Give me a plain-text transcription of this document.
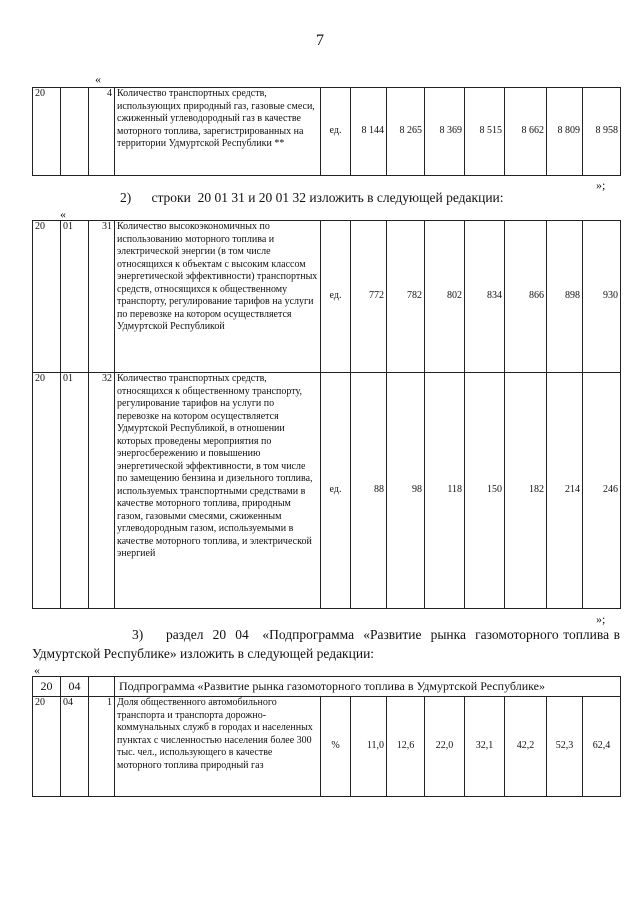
7
«
20		4	Количество транспортных средств, использующих природный газ, газовые смеси, сжиженный углеводородный газ в качестве моторного топлива, зарегистрированных на территории Удмуртской Республики **	ед.	8 144	8 265	8 369	8 515	8 662	8 809	8 958
»;
2)      строки  20 01 31 и 20 01 32 изложить в следующей редакции:
«
20	01	31	Количество высокоэкономичных по использованию моторного топлива и электрической энергии (в том числе относящихся к объектам с высоким классом энергетической эффективности) транспортных средств, относящихся к общественному транспорту, регулирование тарифов на услуги по перевозке на котором осуществляется Удмуртской Республикой	ед.	772	782	802	834	866	898	930
20	01	32	Количество транспортных средств, относящихся к общественному транспорту, регулирование тарифов на услуги по перевозке на котором осуществляется Удмуртской Республикой, в отношении которых проведены мероприятия по энергосбережению и повышению энергетической эффективности, в том числе по замещению бензина и дизельного топлива, используемых транспортными средствами в качестве моторного топлива, природным газом, газовыми смесями, сжиженным углеводородным газом, используемыми в качестве моторного топлива, и электрической энергией	ед.	88	98	118	150	182	214	246
»;
3)     раздел  20  04   «Подпрограмма  «Развитие  рынка  газомоторного топлива в Удмуртской Республике» изложить в следующей редакции:
«
20	04		Подпрограмма «Развитие рынка газомоторного топлива в Удмуртской Республике»								
20	04	1	Доля общественного автомобильного транспорта и транспорта дорожно-коммунальных служб в городах и населенных пунктах с численностью населения более 300 тыс. чел., использующего в качестве моторного топлива природный газ	%	11,0	12,6	22,0	32,1	42,2	52,3	62,4
